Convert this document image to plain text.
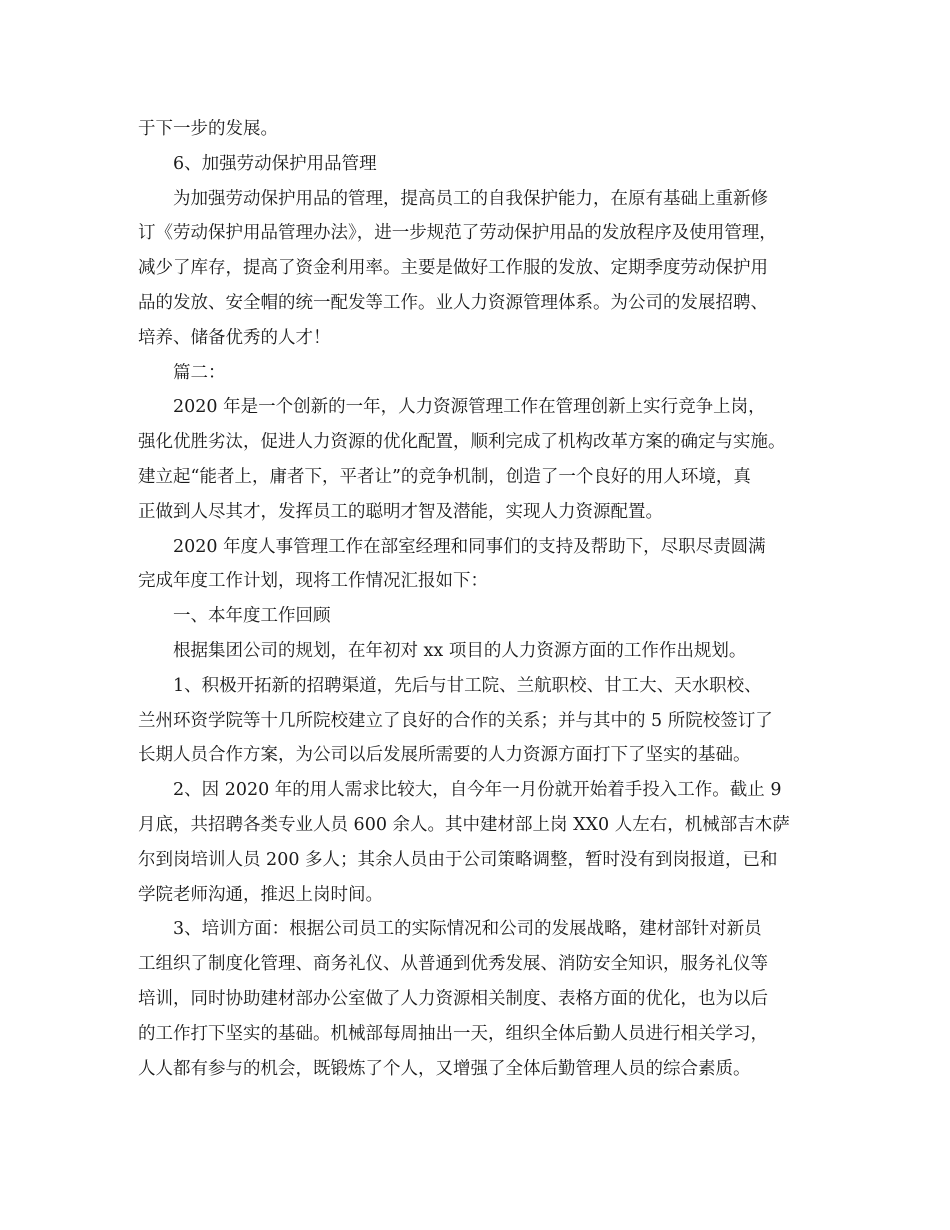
于下一步的发展。
6、加强劳动保护用品管理
为加强劳动保护用品的管理，提高员工的自我保护能力，在原有基础上重新修
订《劳动保护用品管理办法》，进一步规范了劳动保护用品的发放程序及使用管理，
减少了库存，提高了资金利用率。主要是做好工作服的发放、定期季度劳动保护用
品的发放、安全帽的统一配发等工作。业人力资源管理体系。为公司的发展招聘、
培养、储备优秀的人才！
篇二：
2020 年是一个创新的一年，人力资源管理工作在管理创新上实行竞争上岗，
强化优胜劣汰，促进人力资源的优化配置，顺利完成了机构改革方案的确定与实施。
建立起“能者上，庸者下，平者让”的竞争机制，创造了一个良好的用人环境，真
正做到人尽其才，发挥员工的聪明才智及潜能，实现人力资源配置。
2020 年度人事管理工作在部室经理和同事们的支持及帮助下，尽职尽责圆满
完成年度工作计划，现将工作情况汇报如下：
一、本年度工作回顾
根据集团公司的规划，在年初对 xx 项目的人力资源方面的工作作出规划。
1、积极开拓新的招聘渠道，先后与甘工院、兰航职校、甘工大、天水职校、
兰州环资学院等十几所院校建立了良好的合作的关系；并与其中的 5 所院校签订了
长期人员合作方案，为公司以后发展所需要的人力资源方面打下了坚实的基础。
2、因 2020 年的用人需求比较大，自今年一月份就开始着手投入工作。截止 9
月底，共招聘各类专业人员 600 余人。其中建材部上岗 XX0 人左右，机械部吉木萨
尔到岗培训人员 200 多人；其余人员由于公司策略调整，暂时没有到岗报道，已和
学院老师沟通，推迟上岗时间。
3、培训方面：根据公司员工的实际情况和公司的发展战略，建材部针对新员
工组织了制度化管理、商务礼仪、从普通到优秀发展、消防安全知识，服务礼仪等
培训，同时协助建材部办公室做了人力资源相关制度、表格方面的优化，也为以后
的工作打下坚实的基础。机械部每周抽出一天，组织全体后勤人员进行相关学习，
人人都有参与的机会，既锻炼了个人，又增强了全体后勤管理人员的综合素质。
